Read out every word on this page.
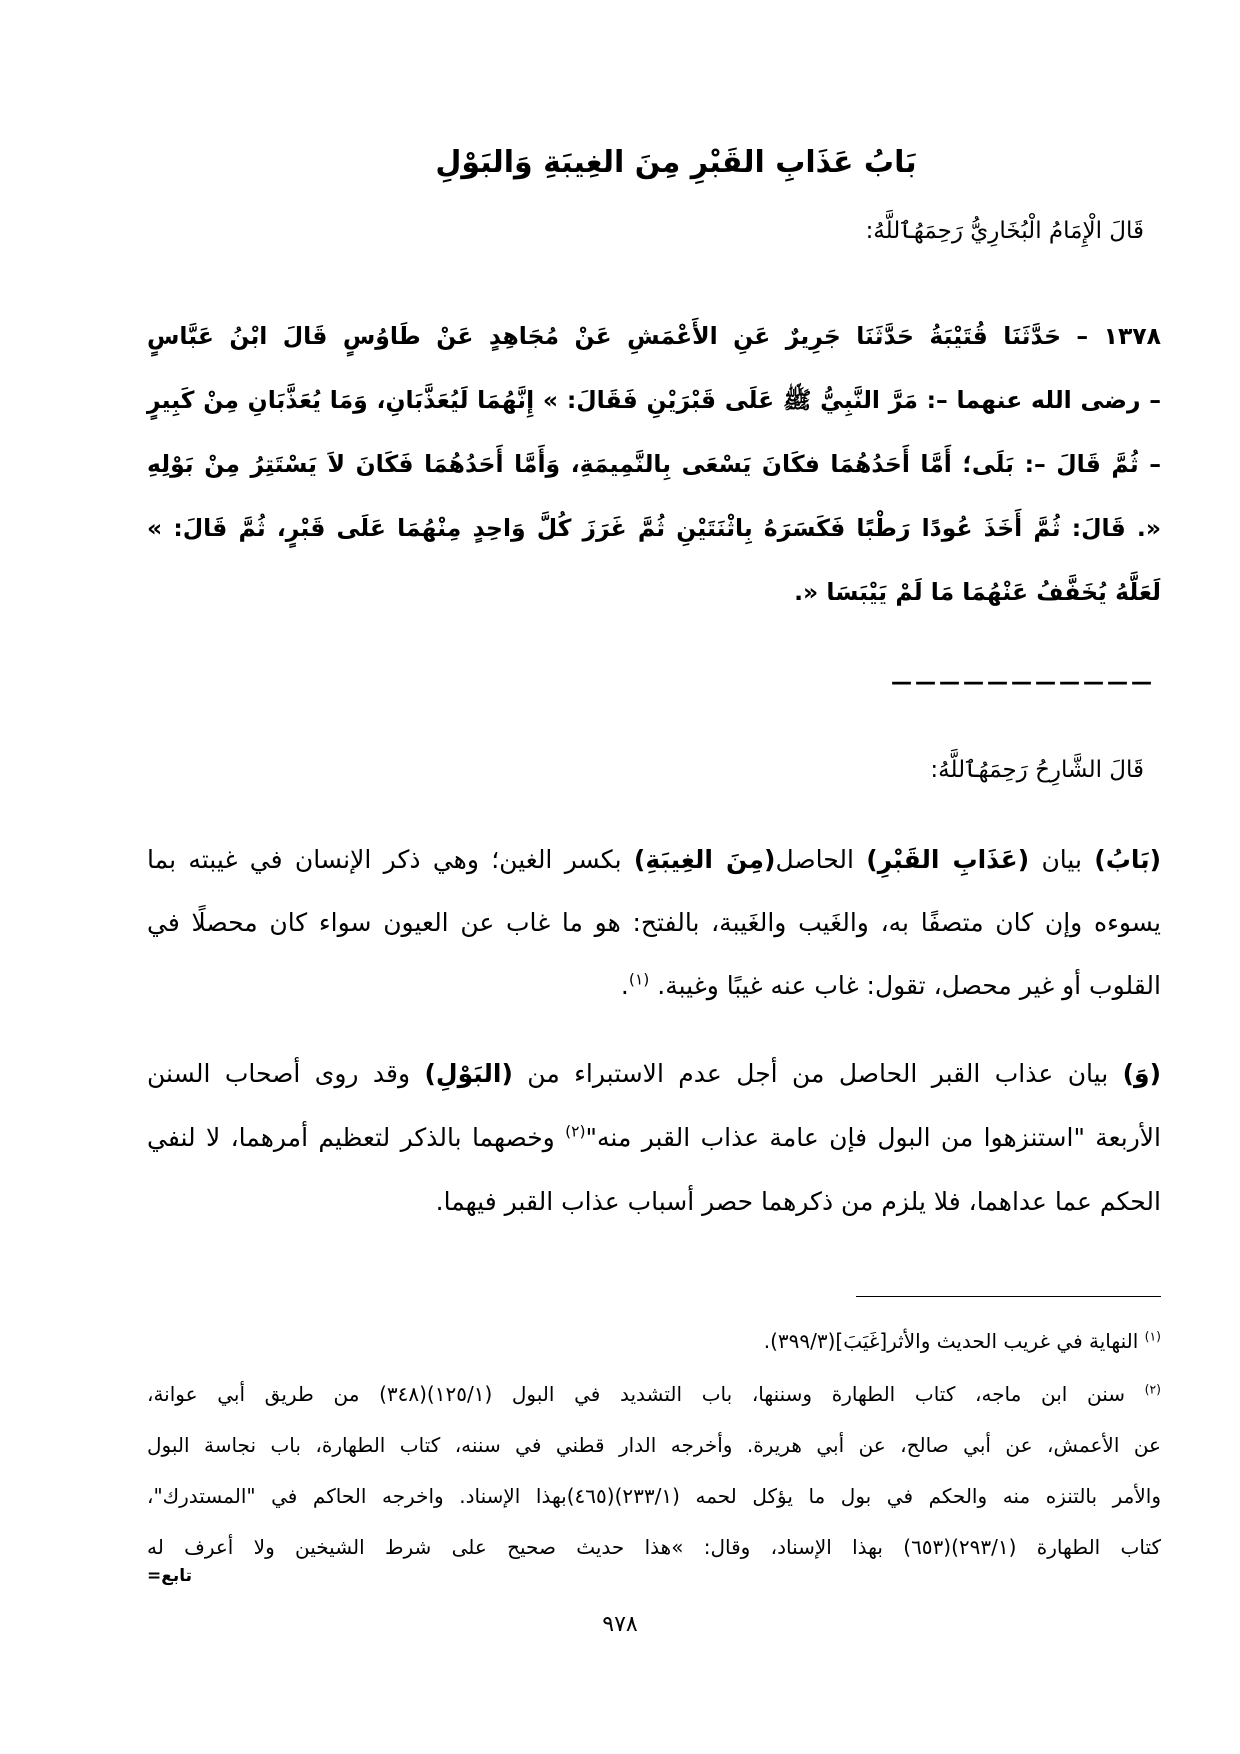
بَابُ عَذَابِ القَبْرِ مِنَ الغِيبَةِ وَالبَوْلِ
قَالَ الْإِمَامُ الْبُخَارِيُّ رَحِمَهُٱللَّهُ:
١٣٧٨ – حَدَّثَنَا قُتَيْبَةُ حَدَّثَنَا جَرِيرٌ عَنِ الأَعْمَشِ عَنْ مُجَاهِدٍ عَنْ طَاوُسٍ قَالَ ابْنُ عَبَّاسٍ
– رضى الله عنهما –: مَرَّ النَّبِيُّ ﷺ عَلَى قَبْرَيْنِ فَقَالَ: « إِنَّهُمَا لَيُعَذَّبَانِ، وَمَا يُعَذَّبَانِ مِنْ كَبِيرٍ
– ثُمَّ قَالَ –: بَلَى؛ أَمَّا أَحَدُهُمَا فكَانَ يَسْعَى بِالنَّمِيمَةِ، وَأَمَّا أَحَدُهُمَا فَكَانَ لاَ يَسْتَتِرُ مِنْ بَوْلِهِ
». قَالَ: ثُمَّ أَخَذَ عُودًا رَطْبًا فَكَسَرَهُ بِاثْنَتَيْنِ ثُمَّ غَرَزَ كُلَّ وَاحِدٍ مِنْهُمَا عَلَى قَبْرٍ، ثُمَّ قَالَ: «
لَعَلَّهُ يُخَفَّفُ عَنْهُمَا مَا لَمْ يَيْبَسَا ».
———————————
قَالَ الشَّارِحُ رَحِمَهُٱللَّهُ:
(بَابُ) بيان (عَذَابِ القَبْرِ) الحاصل(مِنَ الغِيبَةِ) بكسر الغين؛ وهي ذكر الإنسان في غيبته بما
يسوءه وإن كان متصفًا به، والغَيب والغَيبة، بالفتح: هو ما غاب عن العيون سواء كان محصلًا في
القلوب أو غير محصل، تقول: غاب عنه غيبًا وغيبة. $^{(١)}$.
(وَ) بيان عذاب القبر الحاصل من أجل عدم الاستبراء من (البَوْلِ) وقد روى أصحاب السنن
الأربعة "استنزهوا من البول فإن عامة عذاب القبر منه"$^{(٢)}$ وخصهما بالذكر لتعظيم أمرهما، لا لنفي
الحكم عما عداهما، فلا يلزم من ذكرهما حصر أسباب عذاب القبر فيهما.
$^{(١)}$ النهاية في غريب الحديث والأثر[غَيَبَ](٣٩٩/٣).
$^{(٢)}$ سنن ابن ماجه، كتاب الطهارة وسننها، باب التشديد في البول (١٢٥/١)(٣٤٨) من طريق أبي عوانة،
عن الأعمش، عن أبي صالح، عن أبي هريرة. وأخرجه الدار قطني في سننه، كتاب الطهارة، باب نجاسة البول
والأمر بالتنزه منه والحكم في بول ما يؤكل لحمه (٢٣٣/١)(٤٦٥)بهذا الإسناد. واخرجه الحاكم في "المستدرك"،
كتاب الطهارة (٢٩٣/١)(٦٥٣) بهذا الإسناد، وقال: «هذا حديث صحيح على شرط الشيخين ولا أعرف له
تابع=
٩٧٨
